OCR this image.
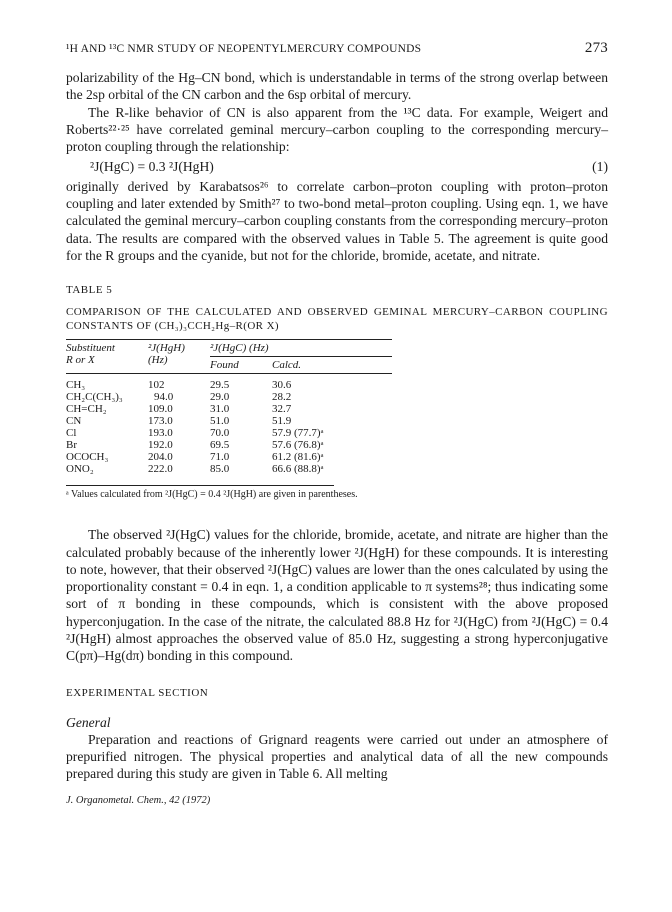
¹H AND ¹³C NMR STUDY OF NEOPENTYLMERCURY COMPOUNDS	273

polarizability of the Hg–CN bond, which is understandable in terms of the strong overlap between the 2sp orbital of the CN carbon and the 6sp orbital of mercury.

The R-like behavior of CN is also apparent from the ¹³C data. For example, Weigert and Roberts²²·²⁵ have correlated geminal mercury–carbon coupling to the corresponding mercury–proton coupling through the relationship:

²J(HgC) = 0.3 ²J(HgH)	(1)

originally derived by Karabatsos²⁶ to correlate carbon–proton coupling with proton–proton coupling and later extended by Smith²⁷ to two-bond metal–proton coupling. Using eqn. 1, we have calculated the geminal mercury–carbon coupling constants from the corresponding mercury–proton data. The results are compared with the observed values in Table 5. The agreement is quite good for the R groups and the cyanide, but not for the chloride, bromide, acetate, and nitrate.

TABLE 5
COMPARISON OF THE CALCULATED AND OBSERVED GEMINAL MERCURY–CARBON COUPLING CONSTANTS OF (CH₃)₃CCH₂Hg–R(OR X)

Substituent
R or X	²J(HgH)
(Hz)	²J(HgC) (Hz)	
		Found	Calcd.

CH₃	102	29.5	30.6
CH₂C(CH₃)₃	94.0	29.0	28.2
CH=CH₂	109.0	31.0	32.7
CN	173.0	51.0	51.9
Cl	193.0	70.0	57.9 (77.7)ᵃ
Br	192.0	69.5	57.6 (76.8)ᵃ
OCOCH₃	204.0	71.0	61.2 (81.6)ᵃ
ONO₂	222.0	85.0	66.6 (88.8)ᵃ
ᵃ Values calculated from ²J(HgC) = 0.4 ²J(HgH) are given in parentheses.

The observed ²J(HgC) values for the chloride, bromide, acetate, and nitrate are higher than the calculated probably because of the inherently lower ²J(HgH) for these compounds. It is interesting to note, however, that their observed ²J(HgC) values are lower than the ones calculated by using the proportionality constant = 0.4 in eqn. 1, a condition applicable to π systems²⁸; thus indicating some sort of π bonding in these compounds, which is consistent with the above proposed hyperconjugation. In the case of the nitrate, the calculated 88.8 Hz for ²J(HgC) from ²J(HgC) = 0.4 ²J(HgH) almost approaches the observed value of 85.0 Hz, suggesting a strong hyperconjugative C(pπ)–Hg(dπ) bonding in this compound.

EXPERIMENTAL SECTION
General

Preparation and reactions of Grignard reagents were carried out under an atmosphere of prepurified nitrogen. The physical properties and analytical data of all the new compounds prepared during this study are given in Table 6. All melting

J. Organometal. Chem., 42 (1972)
